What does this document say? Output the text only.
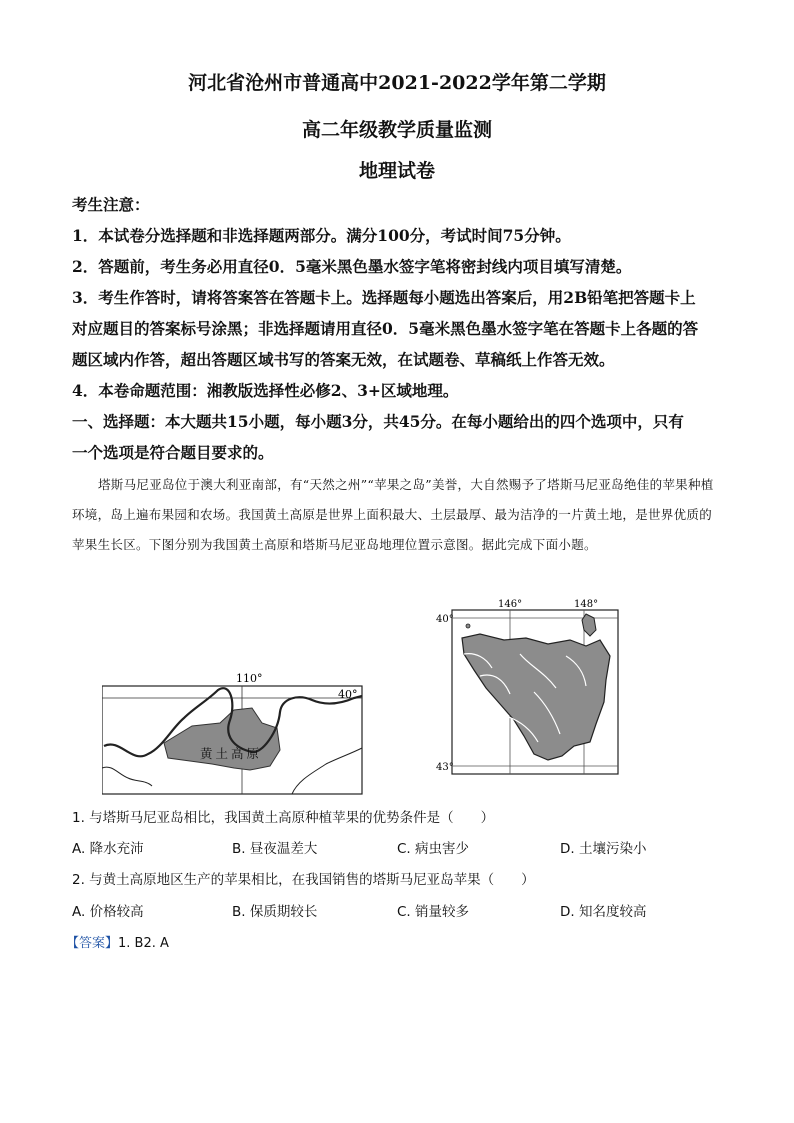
河北省沧州市普通高中2021-2022学年第二学期
高二年级教学质量监测
地理试卷
考生注意：
1．本试卷分选择题和非选择题两部分。满分100分，考试时间75分钟。
2．答题前，考生务必用直径0．5毫米黑色墨水签字笔将密封线内项目填写清楚。
3．考生作答时，请将答案答在答题卡上。选择题每小题选出答案后，用2B铅笔把答题卡上
对应题目的答案标号涂黑；非选择题请用直径0．5毫米黑色墨水签字笔在答题卡上各题的答
题区域内作答，超出答题区域书写的答案无效，在试题卷、草稿纸上作答无效。
4．本卷命题范围：湘教版选择性必修2、3+区域地理。
一、选择题：本大题共15小题，每小题3分，共45分。在每小题给出的四个选项中，只有
一个选项是符合题目要求的。
塔斯马尼亚岛位于澳大利亚南部，有“天然之州”“苹果之岛”美誉，大自然赐予了塔斯马尼亚岛绝佳的苹果种植环境，岛上遍布果园和农场。我国黄土高原是世界上面积最大、土层最厚、最为洁净的一片黄土地，是世界优质的苹果生长区。下图分别为我国黄土高原和塔斯马尼亚岛地理位置示意图。据此完成下面小题。
110°
40°
黄土高原
146°	148°
40°
43°
1. 与塔斯马尼亚岛相比，我国黄土高原种植苹果的优势条件是（　　）
A. 降水充沛	B. 昼夜温差大	C. 病虫害少	D. 土壤污染小
2. 与黄土高原地区生产的苹果相比，在我国销售的塔斯马尼亚岛苹果（　　）
A. 价格较高	B. 保质期较长	C. 销量较多	D. 知名度较高
【答案】1. B2. A
